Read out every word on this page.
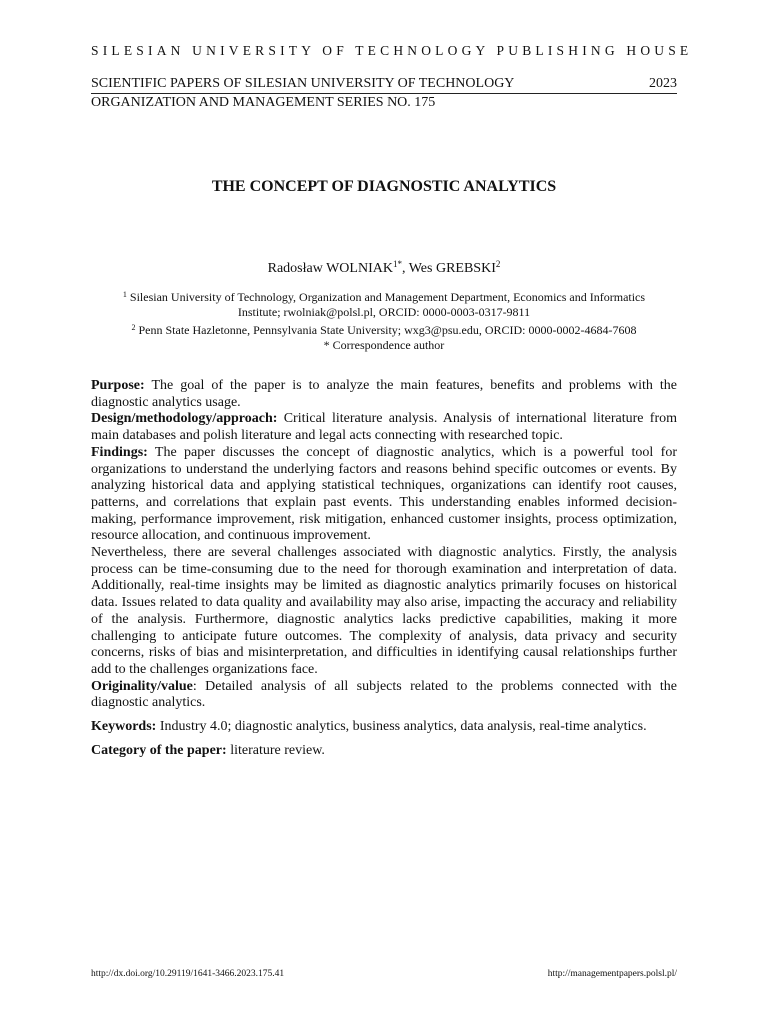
SILESIAN UNIVERSITY OF TECHNOLOGY PUBLISHING HOUSE
SCIENTIFIC PAPERS OF SILESIAN UNIVERSITY OF TECHNOLOGY	2023
ORGANIZATION AND MANAGEMENT SERIES NO. 175
THE CONCEPT OF DIAGNOSTIC ANALYTICS
Radosław $WOLNIAK^{1*}$, Wes GREBSKI$^2$
$^1$ Silesian University of Technology, Organization and Management Department, Economics and Informatics
Institute; rwolniak@polsl.pl, ORCID: 0000-0003-0317-9811
$^2$ Penn State Hazletonne, Pennsylvania State University; wxg3@psu.edu, ORCID: 0000-0002-4684-7608
* Correspondence author

Purpose: The goal of the paper is to analyze the main features, benefits and problems with the diagnostic analytics usage.

Design/methodology/approach: Critical literature analysis. Analysis of international literature from main databases and polish literature and legal acts connecting with researched topic.

Findings: The paper discusses the concept of diagnostic analytics, which is a powerful tool for organizations to understand the underlying factors and reasons behind specific outcomes or events. By analyzing historical data and applying statistical techniques, organizations can identify root causes, patterns, and correlations that explain past events. This understanding enables informed decision-making, performance improvement, risk mitigation, enhanced customer insights, process optimization, resource allocation, and continuous improvement.

Nevertheless, there are several challenges associated with diagnostic analytics. Firstly, the analysis process can be time-consuming due to the need for thorough examination and interpretation of data. Additionally, real-time insights may be limited as diagnostic analytics primarily focuses on historical data. Issues related to data quality and availability may also arise, impacting the accuracy and reliability of the analysis. Furthermore, diagnostic analytics lacks predictive capabilities, making it more challenging to anticipate future outcomes. The complexity of analysis, data privacy and security concerns, risks of bias and misinterpretation, and difficulties in identifying causal relationships further add to the challenges organizations face.

Originality/value: Detailed analysis of all subjects related to the problems connected with the diagnostic analytics.

Keywords: Industry 4.0; diagnostic analytics, business analytics, data analysis, real-time analytics.

Category of the paper: literature review.

http://dx.doi.org/10.29119/1641-3466.2023.175.41	http://managementpapers.polsl.pl/
